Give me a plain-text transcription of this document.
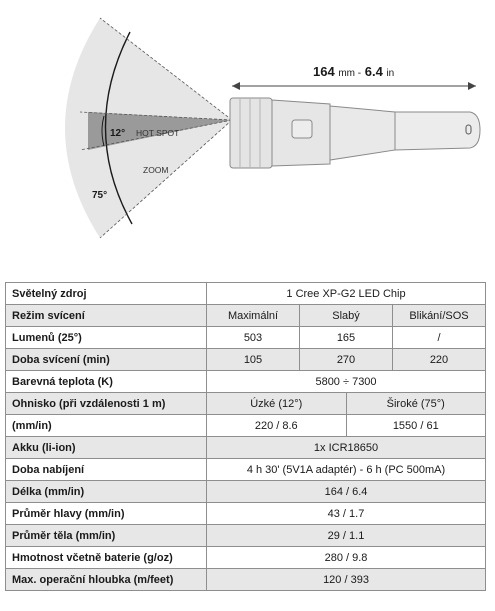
164 mm - 6.4 in
12° HOT SPOT
ZOOM
75°
Světelný zdroj	1 Cree XP-G2 LED Chip			
Režim svícení	Maximální	Slabý		Blikání/SOS
Lumenů (25°)	503	165		/
Doba svícení (min)	105	270		220
Barevná teplota (K)	5800 ÷ 7300			
Ohnisko (při vzdálenosti 1 m)	Úzké (12°)		Široké (75°)	
(mm/in)	220 / 8.6		1550 / 61	
Akku (li-ion)	1x ICR18650			
Doba nabíjení	4 h 30' (5V1A adaptér) - 6 h (PC 500mA)			
Délka (mm/in)	164 / 6.4			
Průměr hlavy (mm/in)	43 / 1.7			
Průměr těla (mm/in)	29 / 1.1			
Hmotnost včetně baterie (g/oz)	280 / 9.8			
Max. operační hloubka (m/feet)	120 / 393			
